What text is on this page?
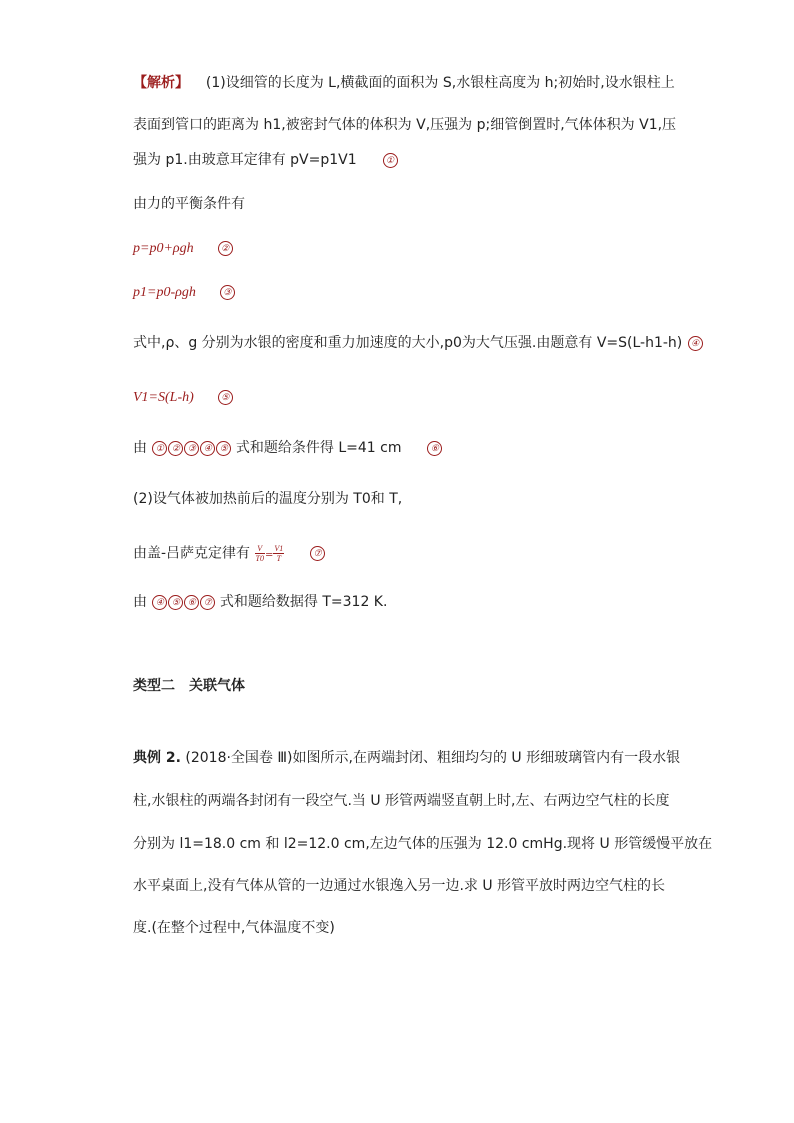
【解析】 (1)设细管的长度为 L,横截面的面积为 S,水银柱高度为 h;初始时,设水银柱上
表面到管口的距离为 h1,被密封气体的体积为 V,压强为 p;细管倒置时,气体体积为 V1,压
强为 p1.由玻意耳定律有 pV=p1V1	①
由力的平衡条件有
p=p0+ρgh	②
p1=p0-ρgh	③
式中,ρ、g 分别为水银的密度和重力加速度的大小,p0为大气压强.由题意有 V=S(L-h1-h) ④
V1=S(L-h)	⑤
由 ① ② ③ ④ ⑤ 式和题给条件得 L=41 cm	⑥
(2)设气体被加热前后的温度分别为 T0和 T,
由盖-吕萨克定律有 $\frac{V}{T0} = \frac{V1}{T}$	⑦
由 ④ ⑤ ⑥ ⑦ 式和题给数据得 T=312 K.
类型二　关联气体
典例 2. (2018·全国卷 Ⅲ)如图所示,在两端封闭、粗细均匀的 U 形细玻璃管内有一段水银
柱,水银柱的两端各封闭有一段空气.当 U 形管两端竖直朝上时,左、右两边空气柱的长度
分别为 l1=18.0 cm 和 l2=12.0 cm,左边气体的压强为 12.0 cmHg.现将 U 形管缓慢平放在
水平桌面上,没有气体从管的一边通过水银逸入另一边.求 U 形管平放时两边空气柱的长
度.(在整个过程中,气体温度不变)
